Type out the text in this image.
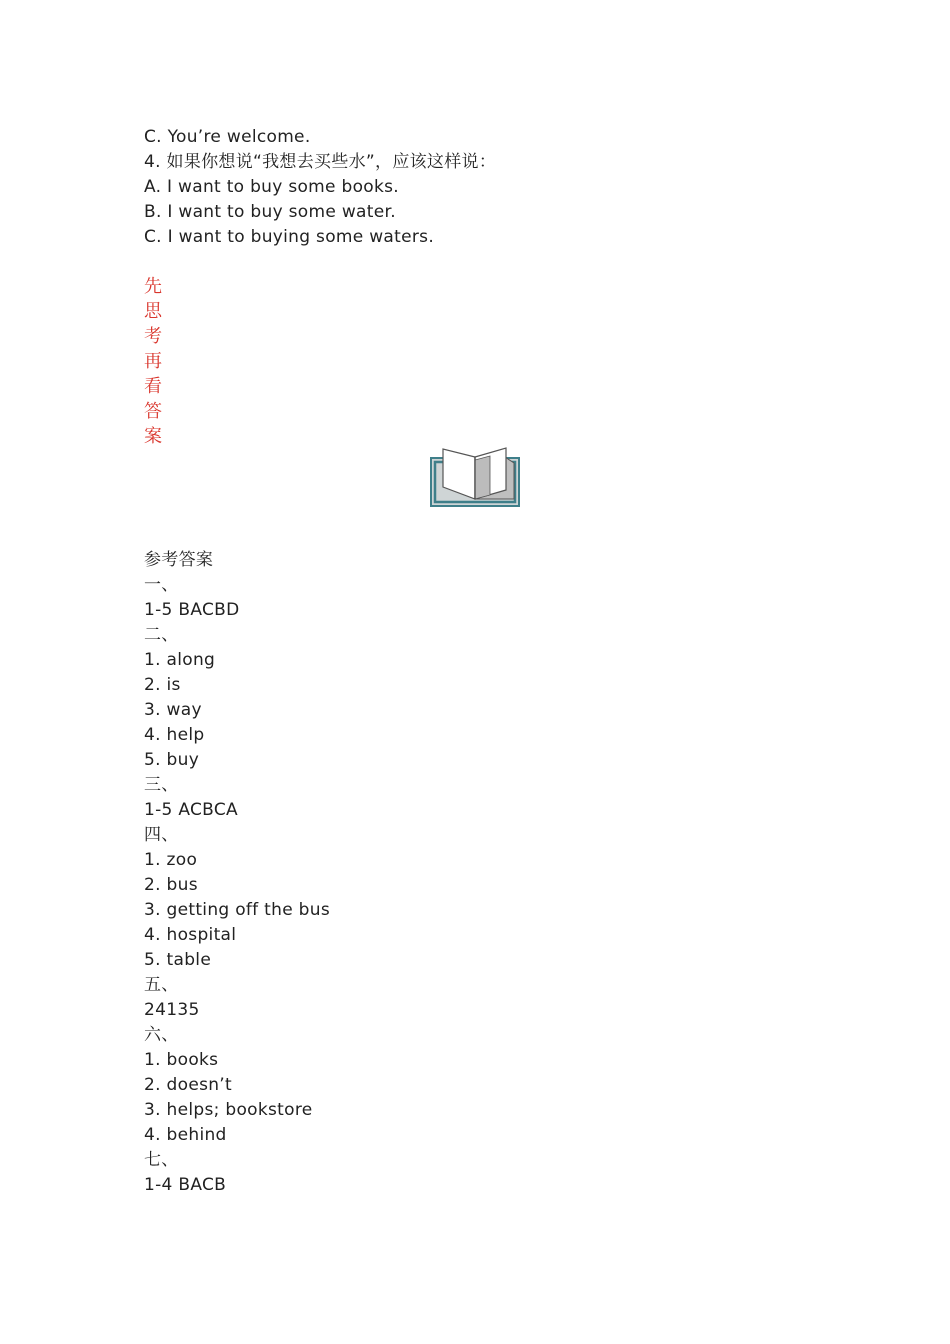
C. You’re welcome.
4. 如果你想说“我想去买些水”，应该这样说：
A. I want to buy some books.
B. I want to buy some water.
C. I want to buying some waters.
先
思
考
再
看
答
案
参考答案
一、
1-5 BACBD
二、
1. along
2. is
3. way
4. help
5. buy
三、
1-5 ACBCA
四、
1. zoo
2. bus
3. getting off the bus
4. hospital
5. table
五、
24135
六、
1. books
2. doesn’t
3. helps; bookstore
4. behind
七、
1-4 BACB
